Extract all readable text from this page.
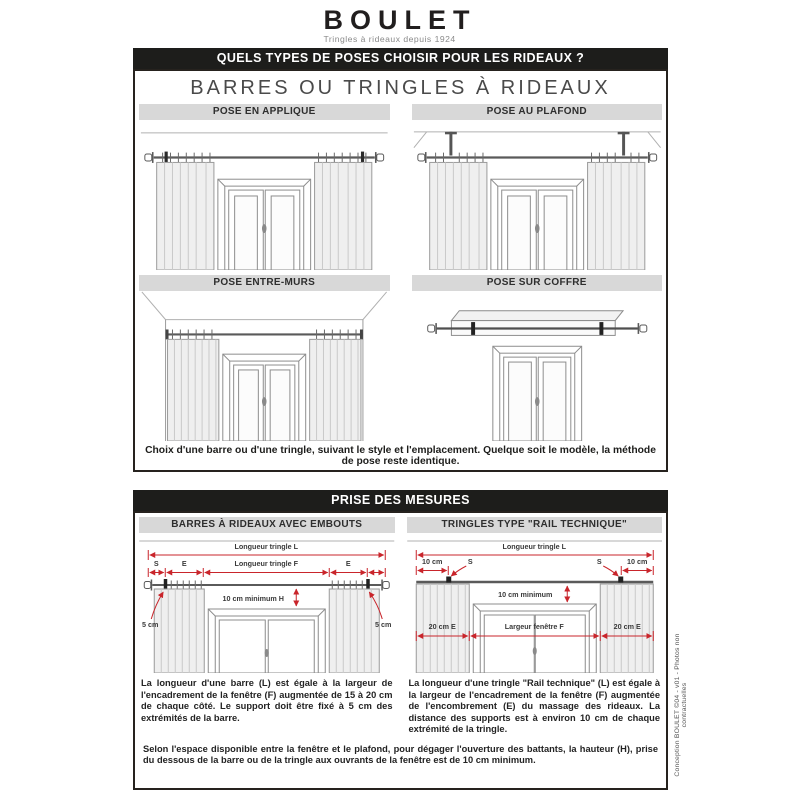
BOULET
Tringles à rideaux depuis 1924
QUELS TYPES DE POSES CHOISIR POUR LES RIDEAUX ?
BARRES OU TRINGLES À RIDEAUX
POSE EN APPLIQUE	POSE AU PLAFOND
POSE ENTRE-MURS	POSE SUR COFFRE
Choix d'une barre ou d'une tringle, suivant le style et l'emplacement. Quelque soit le modèle, la méthode de pose reste identique.
PRISE DES MESURES
BARRES À RIDEAUX AVEC EMBOUTS
Longueur tringle L
S	E	Longueur tringle F	E
10 cm minimum H
5 cm	5 cm

La longueur d'une barre (L) est égale à la largeur de l'encadrement de la fenêtre (F) augmentée de 15 à 20 cm de chaque côté. Le support doit être fixé à 5 cm des extrémités de la barre.

TRINGLES TYPE "RAIL TECHNIQUE"
Longueur tringle L
10 cm	S	10 cm
S
10 cm minimum
20 cm E	Largeur fenêtre F	20 cm E

La longueur d'une tringle "Rail technique" (L) est égale à la largeur de l'encadrement de la fenêtre (F) augmentée de l'encombrement (E) du massage des rideaux. La distance des supports est à environ 10 cm de chaque extrémité de la tringle.

Selon l'espace disponible entre la fenêtre et le plafond, pour dégager l'ouverture des battants, la hauteur (H), prise du dessous de la barre ou de la tringle aux ouvrants de la fenêtre est de 10 cm minimum.	Conception BOULET ©04 - v01 - Photos non contractuelles
